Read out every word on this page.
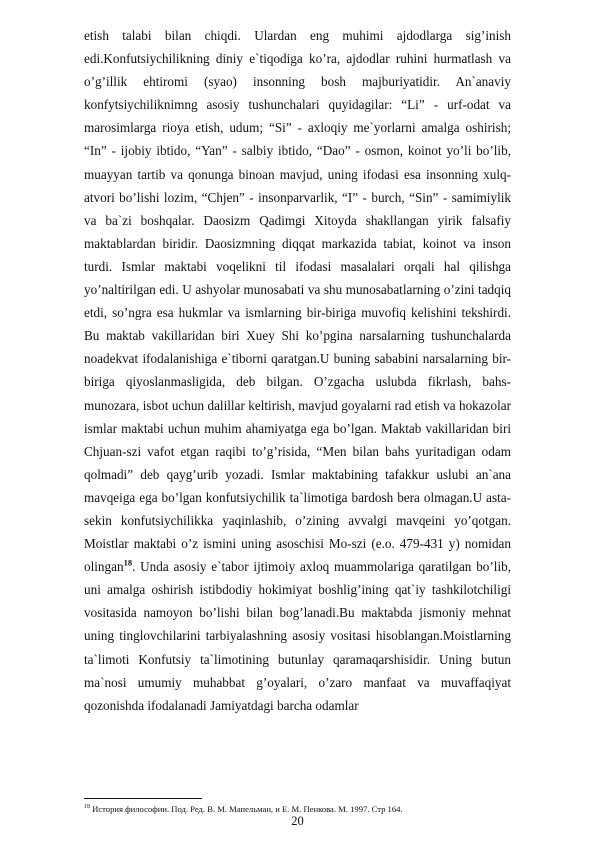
etish talabi bilan chiqdi. Ulardan eng muhimi ajdodlarga sig’inish edi.Konfutsiychilikning diniy e`tiqodiga ko’ra, ajdodlar ruhini hurmatlash va o’g’illik ehtiromi (syao) insonning bosh majburiyatidir. An`anaviy konfytsiychiliknimng asosiy tushunchalari quyidagilar: “Li” - urf-odat va marosimlarga rioya etish, udum; “Si” - axloqiy me`yorlarni amalga oshirish; “In” - ijobiy ibtido, “Yan” - salbiy ibtido, “Dao” - osmon, koinot yo’li bo’lib, muayyan tartib va qonunga binoan mavjud, uning ifodasi esa insonning xulq-atvori bo’lishi lozim, “Chjen” - insonparvarlik, “I” - burch, “Sin” - samimiylik va ba`zi boshqalar. Daosizm Qadimgi Xitoyda shakllangan yirik falsafiy maktablardan biridir. Daosizmning diqqat markazida tabiat, koinot va inson turdi. Ismlar maktabi voqelikni til ifodasi masalalari orqali hal qilishga yo’naltirilgan edi. U ashyolar munosabati va shu munosabatlarning o’zini tadqiq etdi, so’ngra esa hukmlar va ismlarning bir-biriga muvofiq kelishini tekshirdi. Bu maktab vakillaridan biri Xuey Shi ko’pgina narsalarning tushunchalarda noadekvat ifodalanishiga e`tiborni qaratgan.U buning sababini narsalarning bir-biriga qiyoslanmasligida, deb bilgan. O’zgacha uslubda fikrlash, bahs-munozara, isbot uchun dalillar keltirish, mavjud goyalarni rad etish va hokazolar ismlar maktabi uchun muhim ahamiyatga ega bo’lgan. Maktab vakillaridan biri Chjuan-szi vafot etgan raqibi to’g’risida, “Men bilan bahs yuritadigan odam qolmadi” deb qayg’urib yozadi. Ismlar maktabining tafakkur uslubi an`ana mavqeiga ega bo’lgan konfutsiychilik ta`limotiga bardosh bera olmagan.U asta-sekin konfutsiychilikka yaqinlashib, o’zining avvalgi mavqeini yo’qotgan. Moistlar maktabi o’z ismini uning asoschisi Mo-szi (e.o. 479-431 y) nomidan olingan$^{18}$. Unda asosiy e`tabor ijtimoiy axloq muammolariga qaratilgan bo’lib, uni amalga oshirish istibdodiy hokimiyat boshlig’ining qat`iy tashkilotchiligi vositasida namoyon bo’lishi bilan bog’lanadi.Bu maktabda jismoniy mehnat uning tinglovchilarini tarbiyalashning asosiy vositasi hisoblangan.Moistlarning ta`limoti Konfutsiy ta`limotining butunlay qaramaqarshisidir. Uning butun ma`nosi umumiy muhabbat g’oyalari, o’zaro manfaat va muvaffaqiyat qozonishda ifodalanadi Jamiyatdagi barcha odamlar

$^{18}$ История философии. Под. Ред. В. М. Мапельман, и Е. М. Пенкова. М. 1997. Стр 164.
20
